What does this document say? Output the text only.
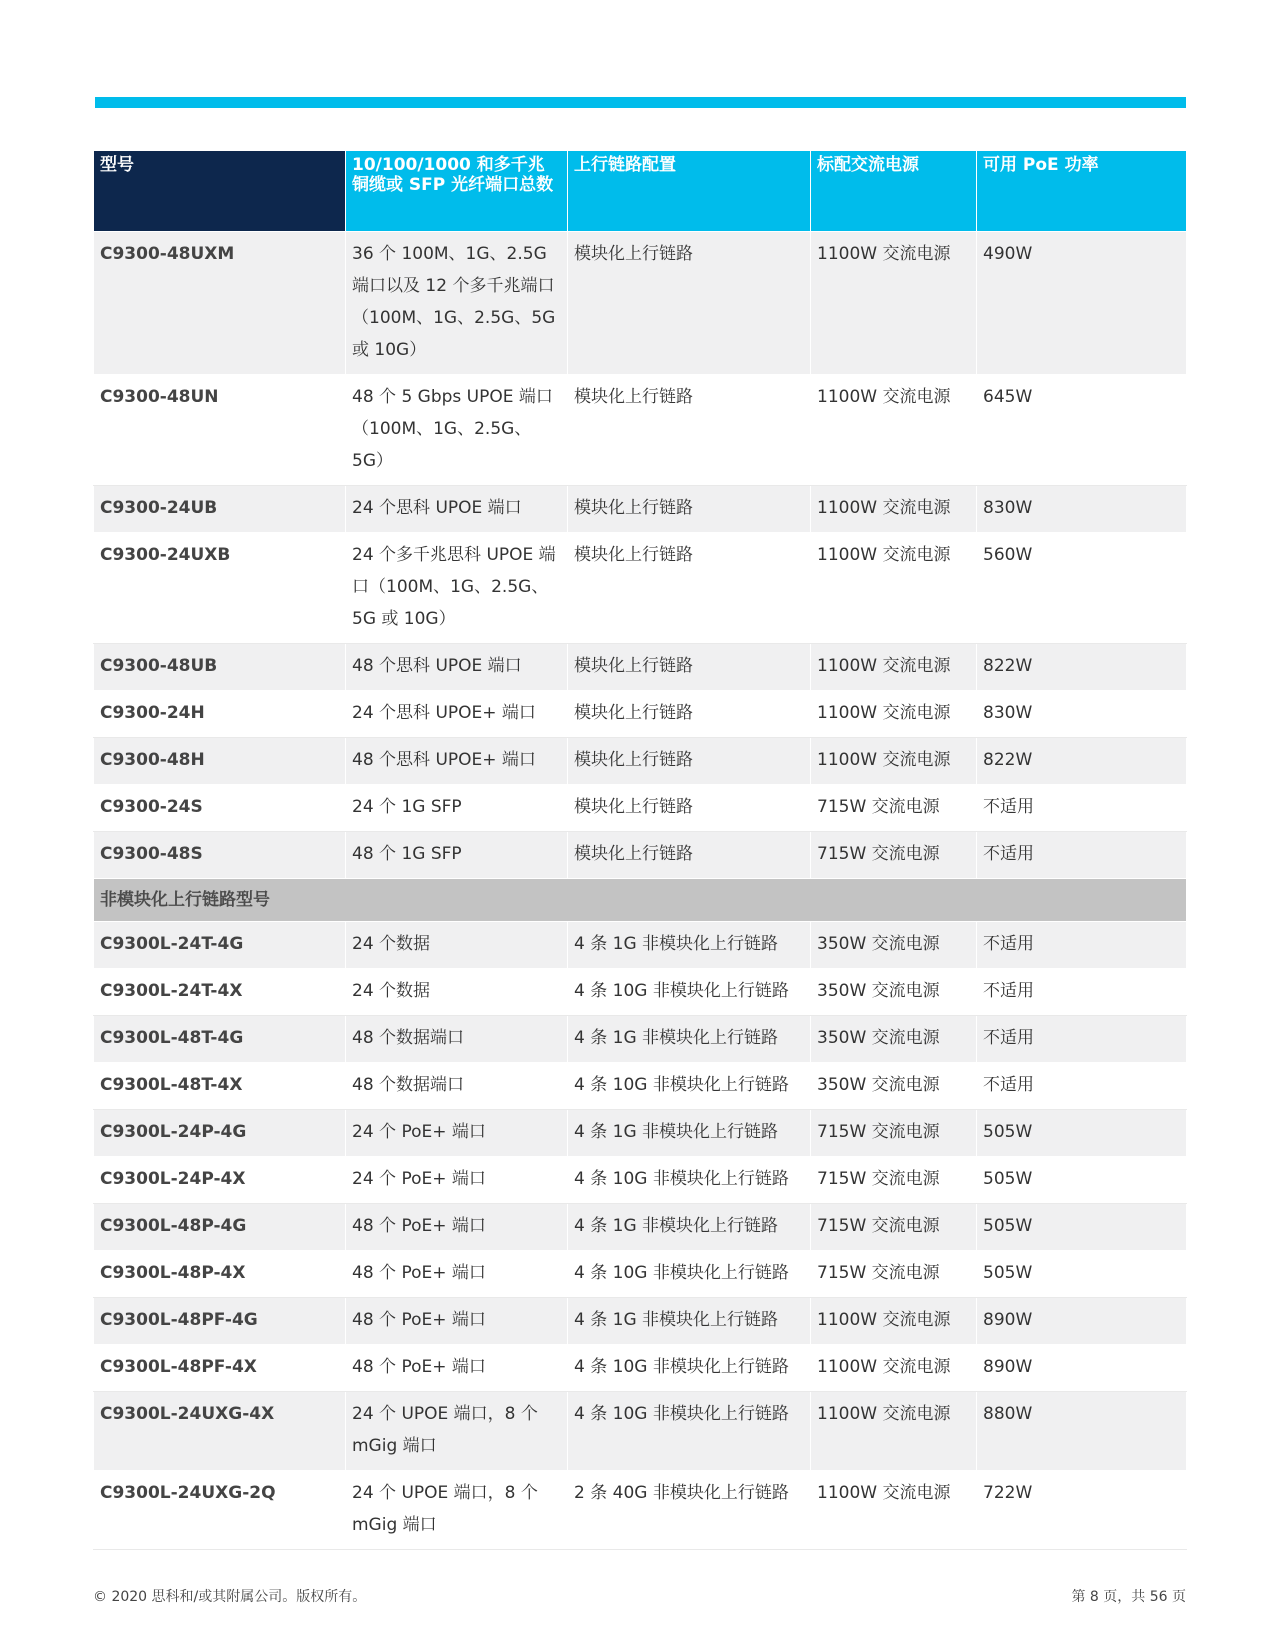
型号	10/100/1000 和多千兆铜缆或 SFP 光纤端口总数	上行链路配置	标配交流电源	可用 PoE 功率
C9300-48UXM	36 个 100M、1G、2.5G 端口以及 12 个多千兆端口（100M、1G、2.5G、5G 或 10G）	模块化上行链路	1100W 交流电源	490W
C9300-48UN	48 个 5 Gbps UPOE 端口（100M、1G、2.5G、5G）	模块化上行链路	1100W 交流电源	645W
C9300-24UB	24 个思科 UPOE 端口	模块化上行链路	1100W 交流电源	830W
C9300-24UXB	24 个多千兆思科 UPOE 端口（100M、1G、2.5G、5G 或 10G）	模块化上行链路	1100W 交流电源	560W
C9300-48UB	48 个思科 UPOE 端口	模块化上行链路	1100W 交流电源	822W
C9300-24H	24 个思科 UPOE+ 端口	模块化上行链路	1100W 交流电源	830W
C9300-48H	48 个思科 UPOE+ 端口	模块化上行链路	1100W 交流电源	822W
C9300-24S	24 个 1G SFP	模块化上行链路	715W 交流电源	不适用
C9300-48S	48 个 1G SFP	模块化上行链路	715W 交流电源	不适用
非模块化上行链路型号				
C9300L-24T-4G	24 个数据	4 条 1G 非模块化上行链路	350W 交流电源	不适用
C9300L-24T-4X	24 个数据	4 条 10G 非模块化上行链路	350W 交流电源	不适用
C9300L-48T-4G	48 个数据端口	4 条 1G 非模块化上行链路	350W 交流电源	不适用
C9300L-48T-4X	48 个数据端口	4 条 10G 非模块化上行链路	350W 交流电源	不适用
C9300L-24P-4G	24 个 PoE+ 端口	4 条 1G 非模块化上行链路	715W 交流电源	505W
C9300L-24P-4X	24 个 PoE+ 端口	4 条 10G 非模块化上行链路	715W 交流电源	505W
C9300L-48P-4G	48 个 PoE+ 端口	4 条 1G 非模块化上行链路	715W 交流电源	505W
C9300L-48P-4X	48 个 PoE+ 端口	4 条 10G 非模块化上行链路	715W 交流电源	505W
C9300L-48PF-4G	48 个 PoE+ 端口	4 条 1G 非模块化上行链路	1100W 交流电源	890W
C9300L-48PF-4X	48 个 PoE+ 端口	4 条 10G 非模块化上行链路	1100W 交流电源	890W
C9300L-24UXG-4X	24 个 UPOE 端口，8 个 mGig 端口	4 条 10G 非模块化上行链路	1100W 交流电源	880W
C9300L-24UXG-2Q	24 个 UPOE 端口，8 个 mGig 端口	2 条 40G 非模块化上行链路	1100W 交流电源	722W
© 2020 思科和/或其附属公司。版权所有。	第 8 页，共 56 页
